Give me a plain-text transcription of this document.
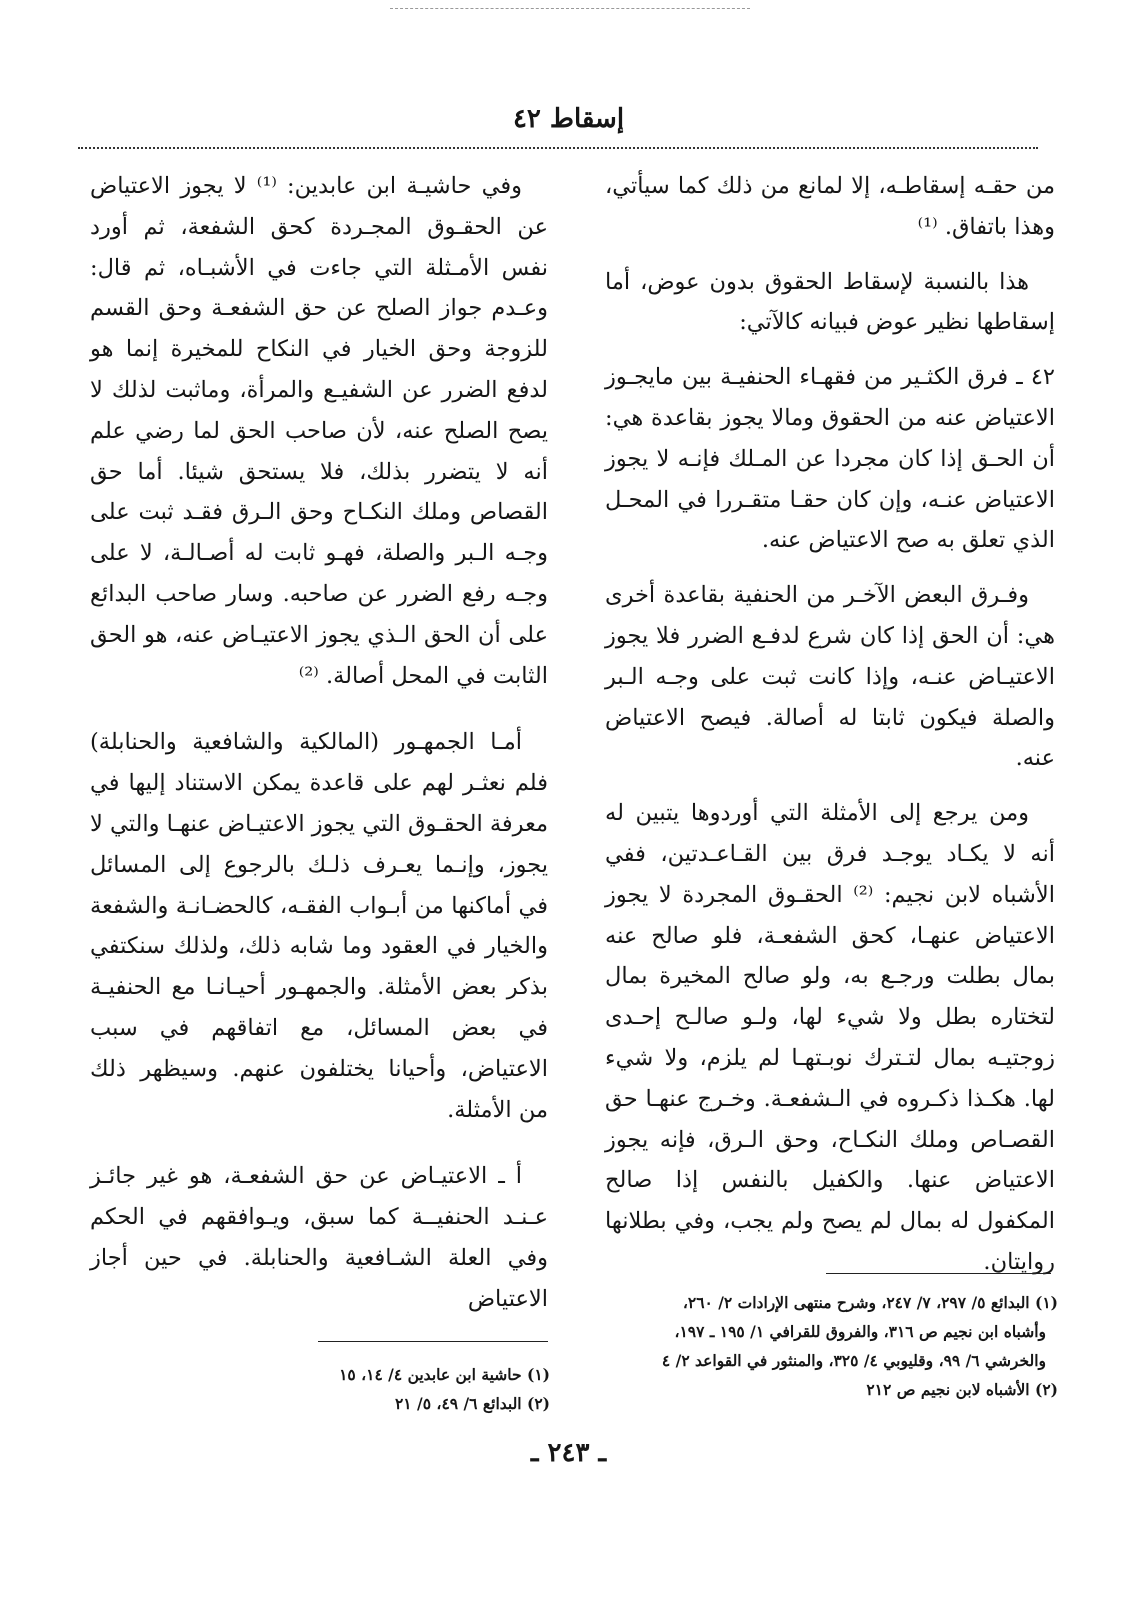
إسقاط ٤٢

من حقـه إسقاطـه، إلا لمانع من ذلك كما سيأتي، وهذا باتفاق. ⁽¹⁾

هذا بالنسبة لإسقاط الحقوق بدون عوض، أما إسقاطها نظير عوض فبيانه كالآتي:

٤٢ ـ فرق الكثـير من فقهـاء الحنفيـة بين مايجـوز الاعتياض عنه من الحقوق ومالا يجوز بقاعدة هي: أن الحـق إذا كان مجردا عن المـلك فإنـه لا يجوز الاعتياض عنـه، وإن كان حقـا متقـررا في المحـل الذي تعلق به صح الاعتياض عنه.

وفـرق البعض الآخـر من الحنفية بقاعدة أخرى هي: أن الحق إذا كان شرع لدفـع الضرر فلا يجوز الاعتيـاض عنـه، وإذا كانت ثبت على وجـه الـبر والصلة فيكون ثابتا له أصالة. فيصح الاعتياض عنه.

ومن يرجع إلى الأمثلة التي أوردوها يتبين له أنه لا يكـاد يوجـد فرق بين القـاعـدتين، ففي الأشباه لابن نجيم: ⁽²⁾ الحقـوق المجردة لا يجوز الاعتياض عنهـا، كحق الشفعـة، فلو صالح عنه بمال بطلت ورجـع به، ولو صالح المخيرة بمال لتختاره بطل ولا شيء لها، ولـو صالـح إحـدى زوجتيـه بمال لتـترك نوبـتهـا لم يلزم، ولا شيء لها. هكـذا ذكـروه في الـشفعـة. وخـرج عنهـا حق القصـاص وملك النكـاح، وحق الـرق، فإنه يجوز الاعتياض عنها. والكفيل بالنفس إذا صالح المكفول له بمال لم يصح ولم يجب، وفي بطلانها روايتان.

وفي حاشيـة ابن عابدين: ⁽¹⁾ لا يجوز الاعتياض عن الحقـوق المجـردة كحق الشفعة، ثم أورد نفس الأمـثلة التي جاءت في الأشبـاه، ثم قال: وعـدم جواز الصلح عن حق الشفعـة وحق القسم للزوجة وحق الخيار في النكاح للمخيرة إنما هو لدفع الضرر عن الشفيـع والمرأة، وماثبت لذلك لا يصح الصلح عنه، لأن صاحب الحق لما رضي علم أنه لا يتضرر بذلك، فلا يستحق شيئا. أما حق القصاص وملك النكـاح وحق الـرق فقـد ثبت على وجـه الـبر والصلة، فهـو ثابت له أصـالـة، لا على وجـه رفع الضرر عن صاحبه. وسار صاحب البدائع على أن الحق الـذي يجوز الاعتيـاض عنه، هو الحق الثابت في المحل أصالة. ⁽²⁾

أمـا الجمهـور (المالكية والشافعية والحنابلة) فلم نعثـر لهم على قاعدة يمكن الاستناد إليها في معرفة الحقـوق التي يجوز الاعتيـاض عنهـا والتي لا يجوز، وإنـما يعـرف ذلـك بالرجوع إلى المسائل في أماكنها من أبـواب الفقـه، كالحضـانـة والشفعة والخيار في العقود وما شابه ذلك، ولذلك سنكتفي بذكر بعض الأمثلة. والجمهـور أحيـانـا مع الحنفيـة في بعض المسائل، مع اتفاقهم في سبب الاعتياض، وأحيانا يختلفون عنهم. وسيظهر ذلك من الأمثلة.

أ ـ الاعتيـاض عن حق الشفعـة، هو غير جائـز عـنـد الحنفيــة كما سبق، ويـوافقهم في الحكم وفي العلة الشـافعية والحنابلة. في حين أجاز الاعتياض	(١) البدائع ٥/ ٢٩٧، ٧/ ٢٤٧، وشرح منتهى الإرادات ٢/ ٢٦٠،
وأشباه ابن نجيم ص ٣١٦، والفروق للقرافي ١/ ١٩٥ ـ ١٩٧،
والخرشي ٦/ ٩٩، وقليوبي ٤/ ٣٢٥، والمنثور في القواعد ٢/ ٤
(٢) الأشباه لابن نجيم ص ٢١٢
(١) حاشية ابن عابدين ٤/ ١٤، ١٥
(٢) البدائع ٦/ ٤٩، ٥/ ٢١
ـ ٢٤٣ ـ
